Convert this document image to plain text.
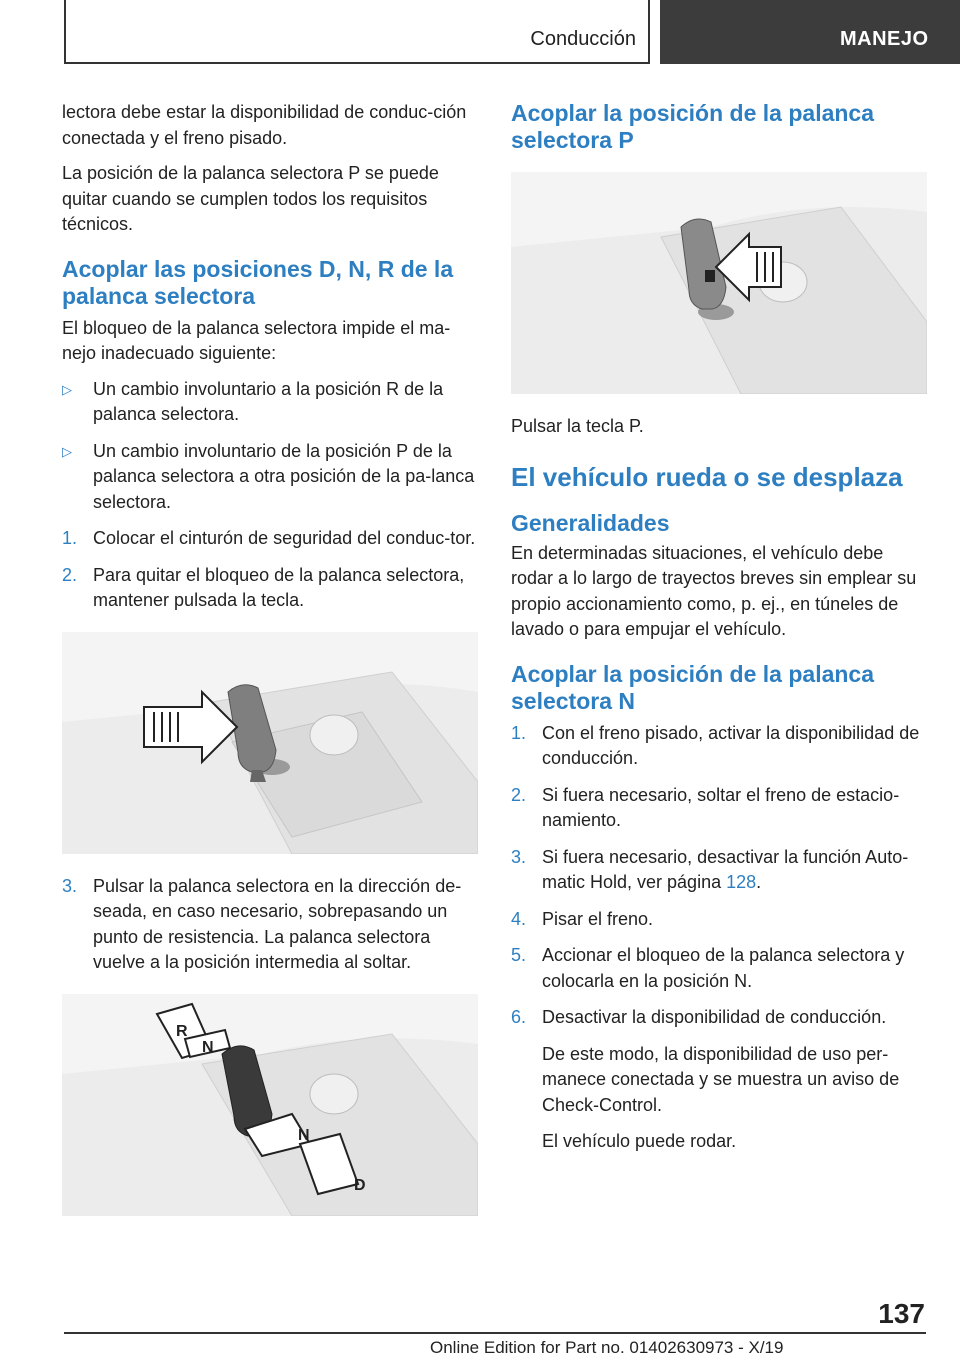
Conducción	MANEJO

lectora debe estar la disponibilidad de conduc-ción conectada y el freno pisado.

La posición de la palanca selectora P se puede quitar cuando se cumplen todos los requisitos técnicos.

Acoplar las posiciones D, N, R de la palanca selectora

El bloqueo de la palanca selectora impide el ma-nejo inadecuado siguiente:

▷ Un cambio involuntario a la posición R de la palanca selectora.
▷ Un cambio involuntario de la posición P de la palanca selectora a otra posición de la pa-lanca selectora.
1. Colocar el cinturón de seguridad del conduc-tor.
2. Para quitar el bloqueo de la palanca selectora, mantener pulsada la tecla.
3. Pulsar la palanca selectora en la dirección de-seada, en caso necesario, sobrepasando un punto de resistencia. La palanca selectora vuelve a la posición intermedia al soltar.
R
N
N
D
Acoplar la posición de la palanca selectora P

Pulsar la tecla P.

El vehículo rueda o se desplaza
Generalidades

En determinadas situaciones, el vehículo debe rodar a lo largo de trayectos breves sin emplear su propio accionamiento como, p. ej., en túneles de lavado o para empujar el vehículo.

Acoplar la posición de la palanca selectora N
1. Con el freno pisado, activar la disponibilidad de conducción.
2. Si fuera necesario, soltar el freno de estacio-namiento.
3. Si fuera necesario, desactivar la función Auto-matic Hold, ver página 128.
4. Pisar el freno.
5. Accionar el bloqueo de la palanca selectora y colocarla en la posición N.
6. Desactivar la disponibilidad de conducción.
De este modo, la disponibilidad de uso per-manece conectada y se muestra un aviso de Check-Control.
El vehículo puede rodar.
137
Online Edition for Part no. 01402630973 - X/19
